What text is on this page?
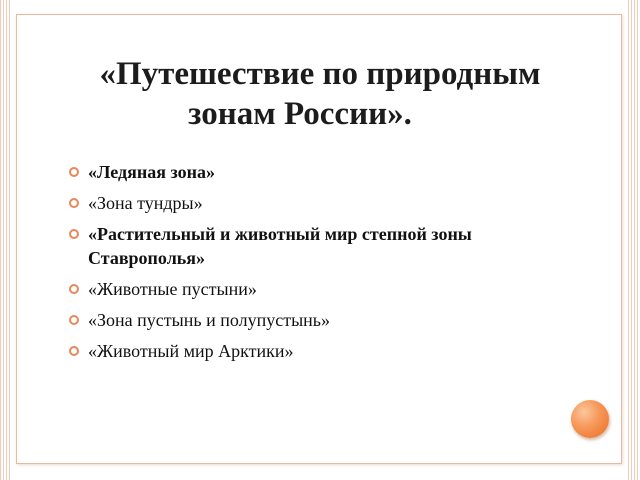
«Путешествие по природным
зонам России».
«Ледяная зона»
«Зона тундры»
«Растительный и животный мир степной зоны Ставрополья»
«Животные пустыни»
«Зона пустынь и полупустынь»
«Животный мир Арктики»
